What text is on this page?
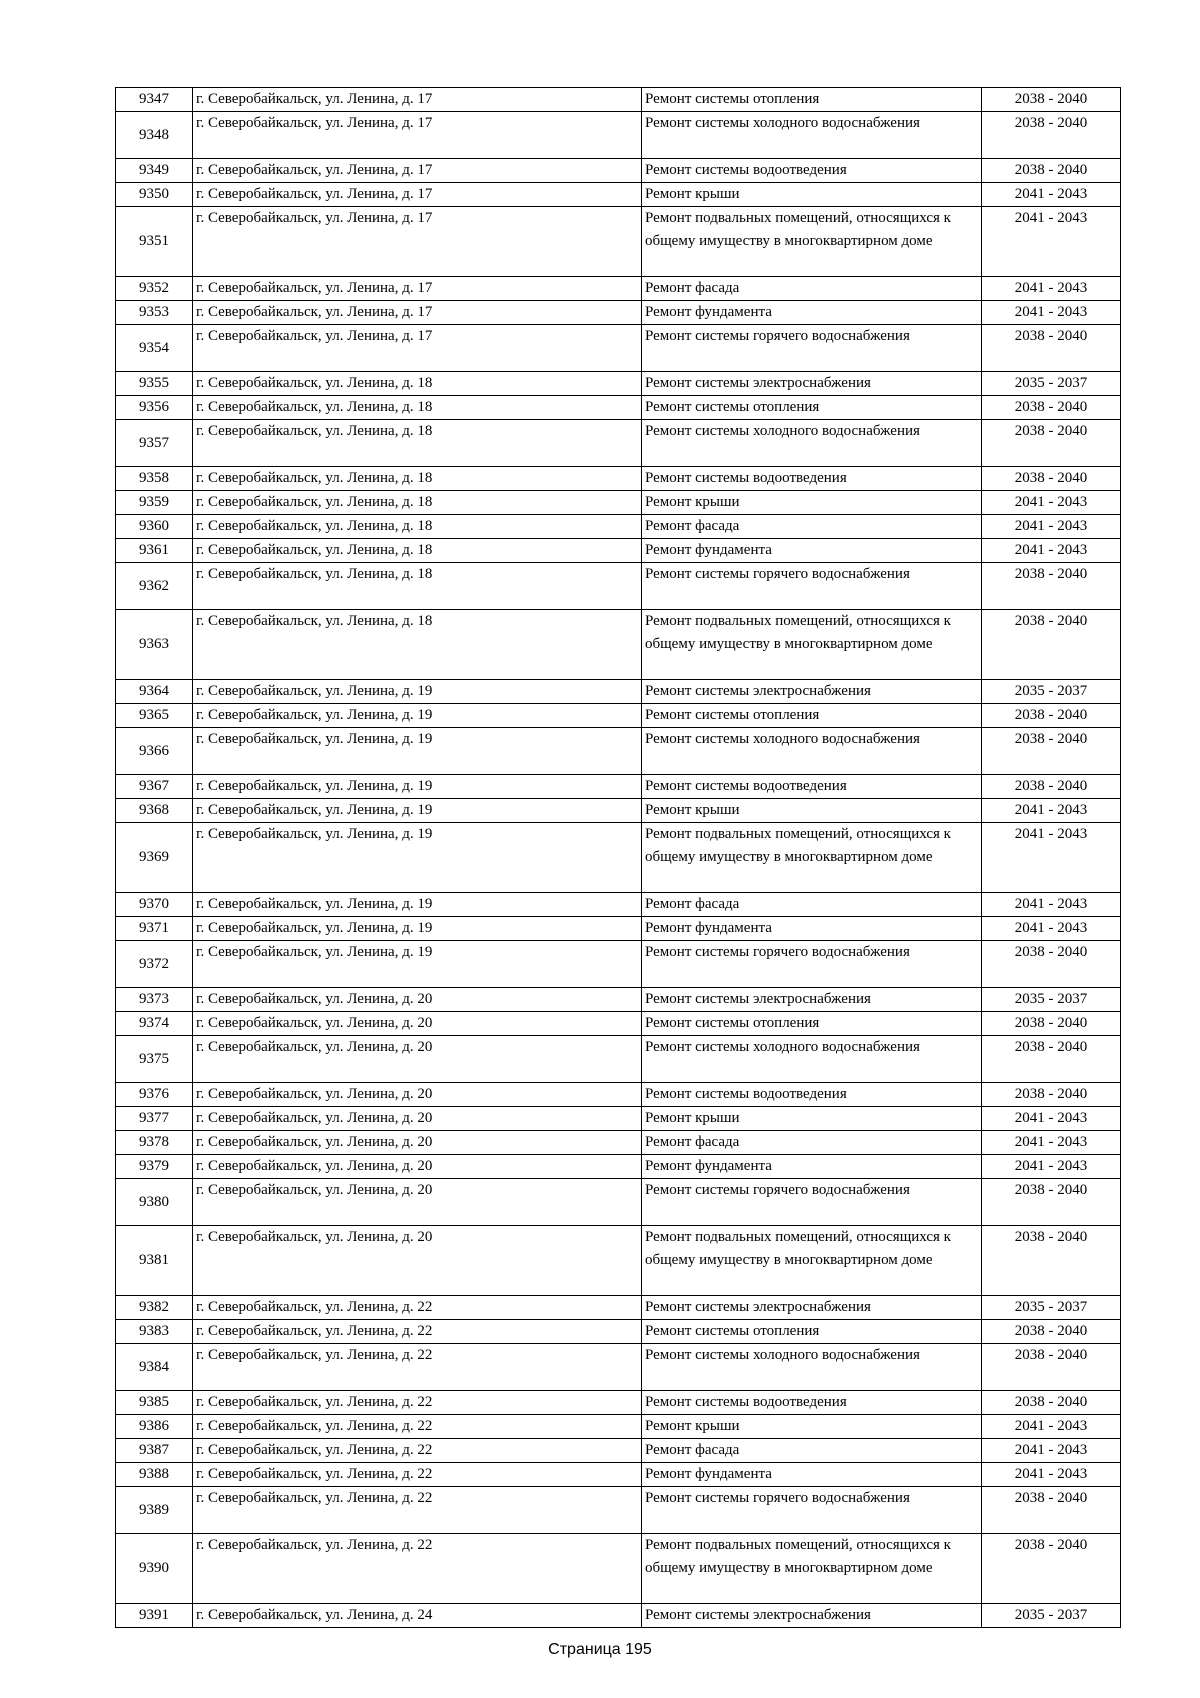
9347	г. Северобайкальск, ул. Ленина, д. 17	Ремонт системы отопления	2038 - 2040
9348	г. Северобайкальск, ул. Ленина, д. 17	Ремонт системы холодного водоснабжения	2038 - 2040
9349	г. Северобайкальск, ул. Ленина, д. 17	Ремонт системы водоотведения	2038 - 2040
9350	г. Северобайкальск, ул. Ленина, д. 17	Ремонт крыши	2041 - 2043
9351	г. Северобайкальск, ул. Ленина, д. 17	Ремонт подвальных помещений, относящихся к общему имуществу в многоквартирном доме	2041 - 2043
9352	г. Северобайкальск, ул. Ленина, д. 17	Ремонт фасада	2041 - 2043
9353	г. Северобайкальск, ул. Ленина, д. 17	Ремонт фундамента	2041 - 2043
9354	г. Северобайкальск, ул. Ленина, д. 17	Ремонт системы горячего водоснабжения	2038 - 2040
9355	г. Северобайкальск, ул. Ленина, д. 18	Ремонт системы электроснабжения	2035 - 2037
9356	г. Северобайкальск, ул. Ленина, д. 18	Ремонт системы отопления	2038 - 2040
9357	г. Северобайкальск, ул. Ленина, д. 18	Ремонт системы холодного водоснабжения	2038 - 2040
9358	г. Северобайкальск, ул. Ленина, д. 18	Ремонт системы водоотведения	2038 - 2040
9359	г. Северобайкальск, ул. Ленина, д. 18	Ремонт крыши	2041 - 2043
9360	г. Северобайкальск, ул. Ленина, д. 18	Ремонт фасада	2041 - 2043
9361	г. Северобайкальск, ул. Ленина, д. 18	Ремонт фундамента	2041 - 2043
9362	г. Северобайкальск, ул. Ленина, д. 18	Ремонт системы горячего водоснабжения	2038 - 2040
9363	г. Северобайкальск, ул. Ленина, д. 18	Ремонт подвальных помещений, относящихся к общему имуществу в многоквартирном доме	2038 - 2040
9364	г. Северобайкальск, ул. Ленина, д. 19	Ремонт системы электроснабжения	2035 - 2037
9365	г. Северобайкальск, ул. Ленина, д. 19	Ремонт системы отопления	2038 - 2040
9366	г. Северобайкальск, ул. Ленина, д. 19	Ремонт системы холодного водоснабжения	2038 - 2040
9367	г. Северобайкальск, ул. Ленина, д. 19	Ремонт системы водоотведения	2038 - 2040
9368	г. Северобайкальск, ул. Ленина, д. 19	Ремонт крыши	2041 - 2043
9369	г. Северобайкальск, ул. Ленина, д. 19	Ремонт подвальных помещений, относящихся к общему имуществу в многоквартирном доме	2041 - 2043
9370	г. Северобайкальск, ул. Ленина, д. 19	Ремонт фасада	2041 - 2043
9371	г. Северобайкальск, ул. Ленина, д. 19	Ремонт фундамента	2041 - 2043
9372	г. Северобайкальск, ул. Ленина, д. 19	Ремонт системы горячего водоснабжения	2038 - 2040
9373	г. Северобайкальск, ул. Ленина, д. 20	Ремонт системы электроснабжения	2035 - 2037
9374	г. Северобайкальск, ул. Ленина, д. 20	Ремонт системы отопления	2038 - 2040
9375	г. Северобайкальск, ул. Ленина, д. 20	Ремонт системы холодного водоснабжения	2038 - 2040
9376	г. Северобайкальск, ул. Ленина, д. 20	Ремонт системы водоотведения	2038 - 2040
9377	г. Северобайкальск, ул. Ленина, д. 20	Ремонт крыши	2041 - 2043
9378	г. Северобайкальск, ул. Ленина, д. 20	Ремонт фасада	2041 - 2043
9379	г. Северобайкальск, ул. Ленина, д. 20	Ремонт фундамента	2041 - 2043
9380	г. Северобайкальск, ул. Ленина, д. 20	Ремонт системы горячего водоснабжения	2038 - 2040
9381	г. Северобайкальск, ул. Ленина, д. 20	Ремонт подвальных помещений, относящихся к общему имуществу в многоквартирном доме	2038 - 2040
9382	г. Северобайкальск, ул. Ленина, д. 22	Ремонт системы электроснабжения	2035 - 2037
9383	г. Северобайкальск, ул. Ленина, д. 22	Ремонт системы отопления	2038 - 2040
9384	г. Северобайкальск, ул. Ленина, д. 22	Ремонт системы холодного водоснабжения	2038 - 2040
9385	г. Северобайкальск, ул. Ленина, д. 22	Ремонт системы водоотведения	2038 - 2040
9386	г. Северобайкальск, ул. Ленина, д. 22	Ремонт крыши	2041 - 2043
9387	г. Северобайкальск, ул. Ленина, д. 22	Ремонт фасада	2041 - 2043
9388	г. Северобайкальск, ул. Ленина, д. 22	Ремонт фундамента	2041 - 2043
9389	г. Северобайкальск, ул. Ленина, д. 22	Ремонт системы горячего водоснабжения	2038 - 2040
9390	г. Северобайкальск, ул. Ленина, д. 22	Ремонт подвальных помещений, относящихся к общему имуществу в многоквартирном доме	2038 - 2040
9391	г. Северобайкальск, ул. Ленина, д. 24	Ремонт системы электроснабжения	2035 - 2037
Страница 195
